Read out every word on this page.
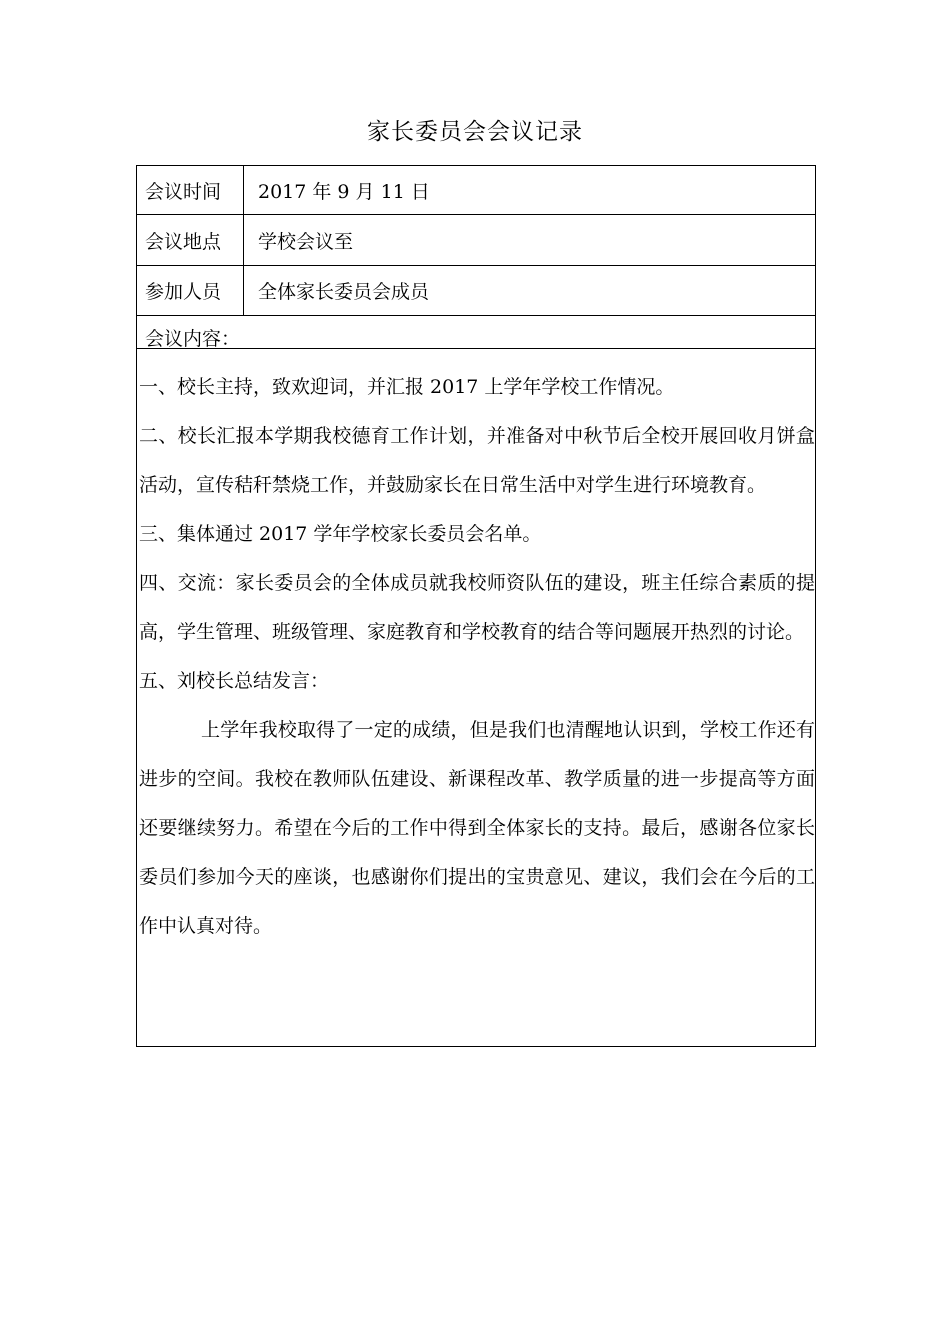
家长委员会会议记录
会议时间	2017 年 9 月 11 日
会议地点	学校会议至
参加人员	全体家长委员会成员
会议内容：

一、校长主持，致欢迎词，并汇报 2017 上学年学校工作情况。

二、校长汇报本学期我校德育工作计划，并准备对中秋节后全校开展回收月饼盒活动，宣传秸秆禁烧工作，并鼓励家长在日常生活中对学生进行环境教育。

三、集体通过 2017 学年学校家长委员会名单。

四、交流：家长委员会的全体成员就我校师资队伍的建设，班主任综合素质的提高，学生管理、班级管理、家庭教育和学校教育的结合等问题展开热烈的讨论。

五、刘校长总结发言：

上学年我校取得了一定的成绩，但是我们也清醒地认识到，学校工作还有进步的空间。我校在教师队伍建设、新课程改革、教学质量的进一步提高等方面还要继续努力。希望在今后的工作中得到全体家长的支持。最后，感谢各位家长委员们参加今天的座谈，也感谢你们提出的宝贵意见、建议，我们会在今后的工作中认真对待。
